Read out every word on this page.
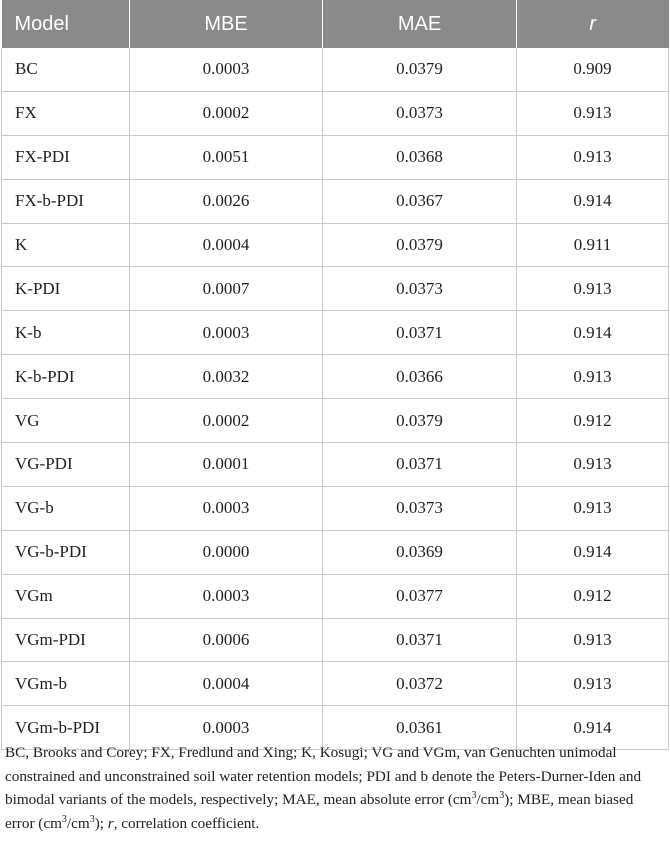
Model	MBE	MAE	r
BC	0.0003	0.0379	0.909
FX	0.0002	0.0373	0.913
FX-PDI	0.0051	0.0368	0.913
FX-b-PDI	0.0026	0.0367	0.914
K	0.0004	0.0379	0.911
K-PDI	0.0007	0.0373	0.913
K-b	0.0003	0.0371	0.914
K-b-PDI	0.0032	0.0366	0.913
VG	0.0002	0.0379	0.912
VG-PDI	0.0001	0.0371	0.913
VG-b	0.0003	0.0373	0.913
VG-b-PDI	0.0000	0.0369	0.914
VGm	0.0003	0.0377	0.912
VGm-PDI	0.0006	0.0371	0.913
VGm-b	0.0004	0.0372	0.913
VGm-b-PDI	0.0003	0.0361	0.914
BC, Brooks and Corey; FX, Fredlund and Xing; K, Kosugi; VG and VGm, van Genuchten unimodal constrained and unconstrained soil water retention models; PDI and b denote the Peters-Durner-Iden and bimodal variants of the models, respectively; MAE, mean absolute error $(cm^3/cm^3)$; MBE, mean biased error $(cm^3/cm^3)$; r, correlation coefficient.
